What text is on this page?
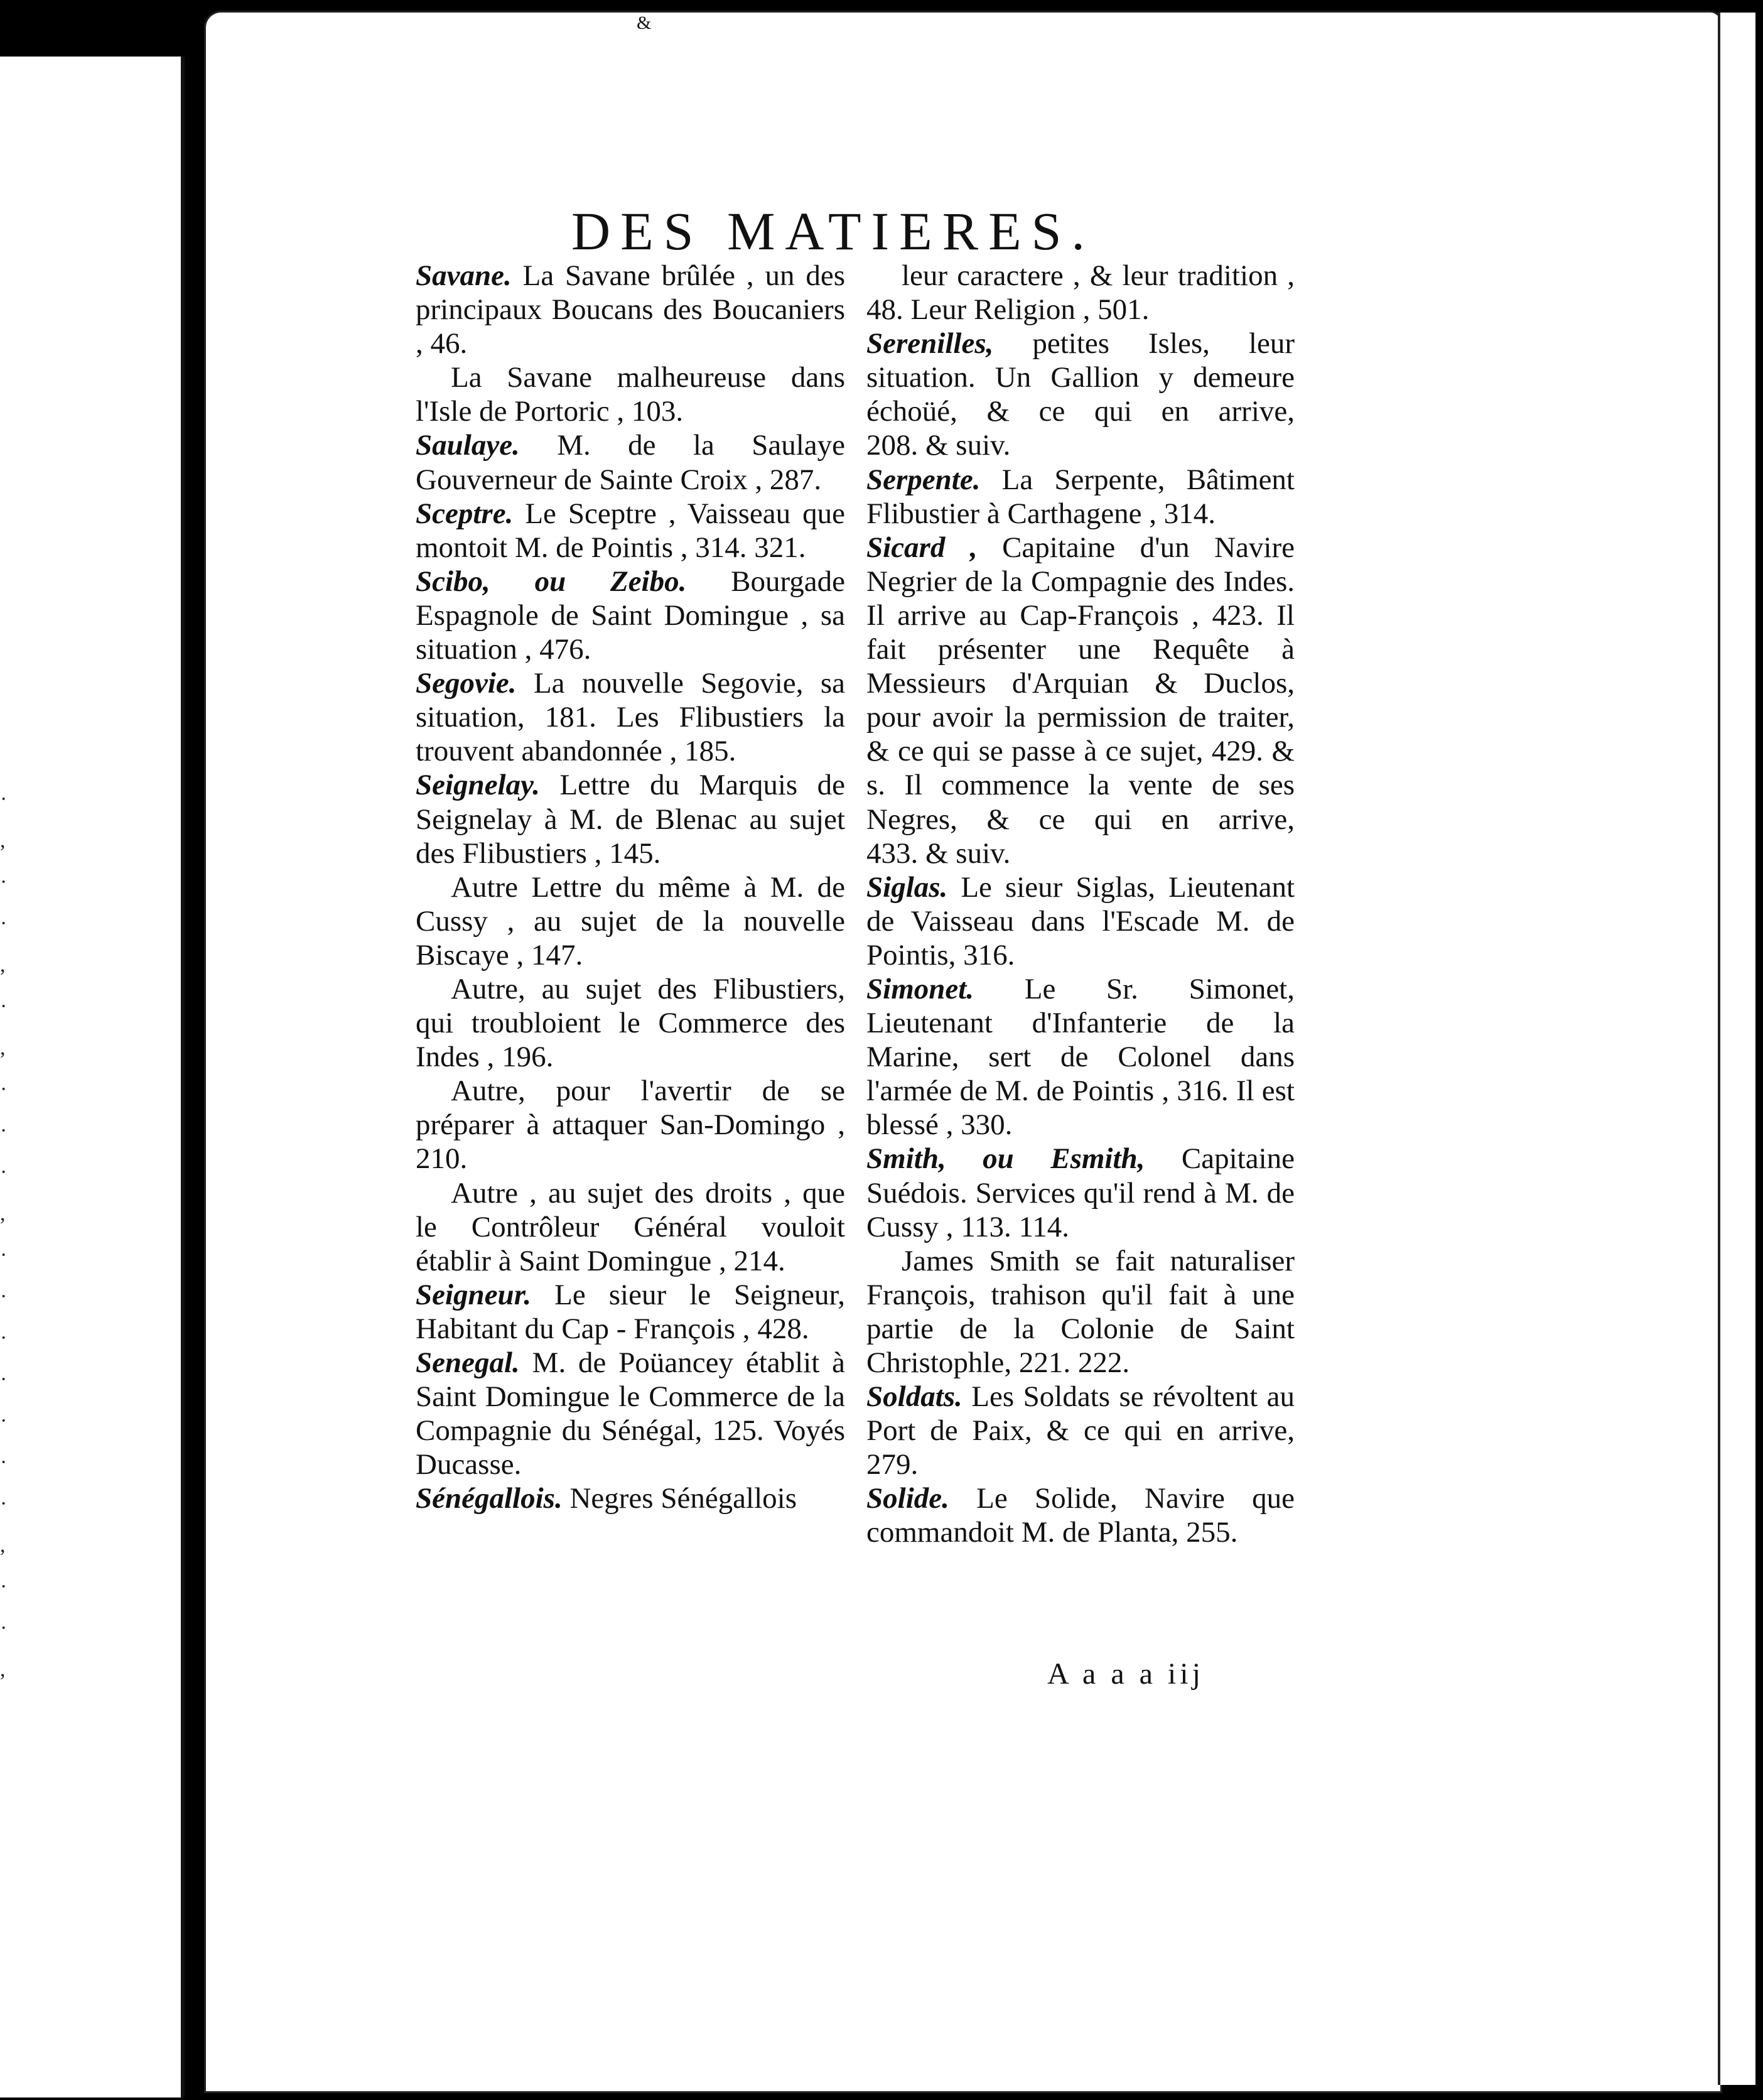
·
,
·
·
,
·
,
·
·
·
,
·
·
·
·
·
·
·
,
·
·
,
&
DES MATIERES.

Savane. La Savane brûlée , un des principaux Boucans des Boucaniers , 46.

La Savane malheureuse dans l'Isle de Portoric , 103.

Saulaye. M. de la Saulaye Gouverneur de Sainte Croix , 287.

Sceptre. Le Sceptre , Vaisseau que montoit M. de Pointis , 314. 321.

Scibo, ou Zeibo. Bourgade Espagnole de Saint Domingue , sa situation , 476.

Segovie. La nouvelle Segovie, sa situation, 181. Les Flibustiers la trouvent abandonnée , 185.

Seignelay. Lettre du Marquis de Seignelay à M. de Blenac au sujet des Flibustiers , 145.

Autre Lettre du même à M. de Cussy , au sujet de la nouvelle Biscaye , 147.

Autre, au sujet des Flibustiers, qui troubloient le Commerce des Indes , 196.

Autre, pour l'avertir de se préparer à attaquer San-Domingo , 210.

Autre , au sujet des droits , que le Contrôleur Général vouloit établir à Saint Domingue , 214.

Seigneur. Le sieur le Seigneur, Habitant du Cap - François , 428.

Senegal. M. de Poüancey établit à Saint Domingue le Commerce de la Compagnie du Sénégal, 125. Voyés Ducasse.

Sénégallois. Negres Sénégallois

leur caractere , & leur tradition , 48. Leur Religion , 501.

Serenilles, petites Isles, leur situation. Un Gallion y demeure échoüé, & ce qui en arrive, 208. & suiv.

Serpente. La Serpente, Bâtiment Flibustier à Carthagene , 314.

Sicard , Capitaine d'un Navire Negrier de la Compagnie des Indes. Il arrive au Cap-François , 423. Il fait présenter une Requête à Messieurs d'Arquian & Duclos, pour avoir la permission de traiter, & ce qui se passe à ce sujet, 429. & s. Il commence la vente de ses Negres, & ce qui en arrive, 433. & suiv.

Siglas. Le sieur Siglas, Lieutenant de Vaisseau dans l'Escade M. de Pointis, 316.

Simonet. Le Sr. Simonet, Lieutenant d'Infanterie de la Marine, sert de Colonel dans l'armée de M. de Pointis , 316. Il est blessé , 330.

Smith, ou Esmith, Capitaine Suédois. Services qu'il rend à M. de Cussy , 113. 114.

James Smith se fait naturaliser François, trahison qu'il fait à une partie de la Colonie de Saint Christophle, 221. 222.

Soldats. Les Soldats se révoltent au Port de Paix, & ce qui en arrive, 279.

Solide. Le Solide, Navire que commandoit M. de Planta, 255.

A a a a iij
